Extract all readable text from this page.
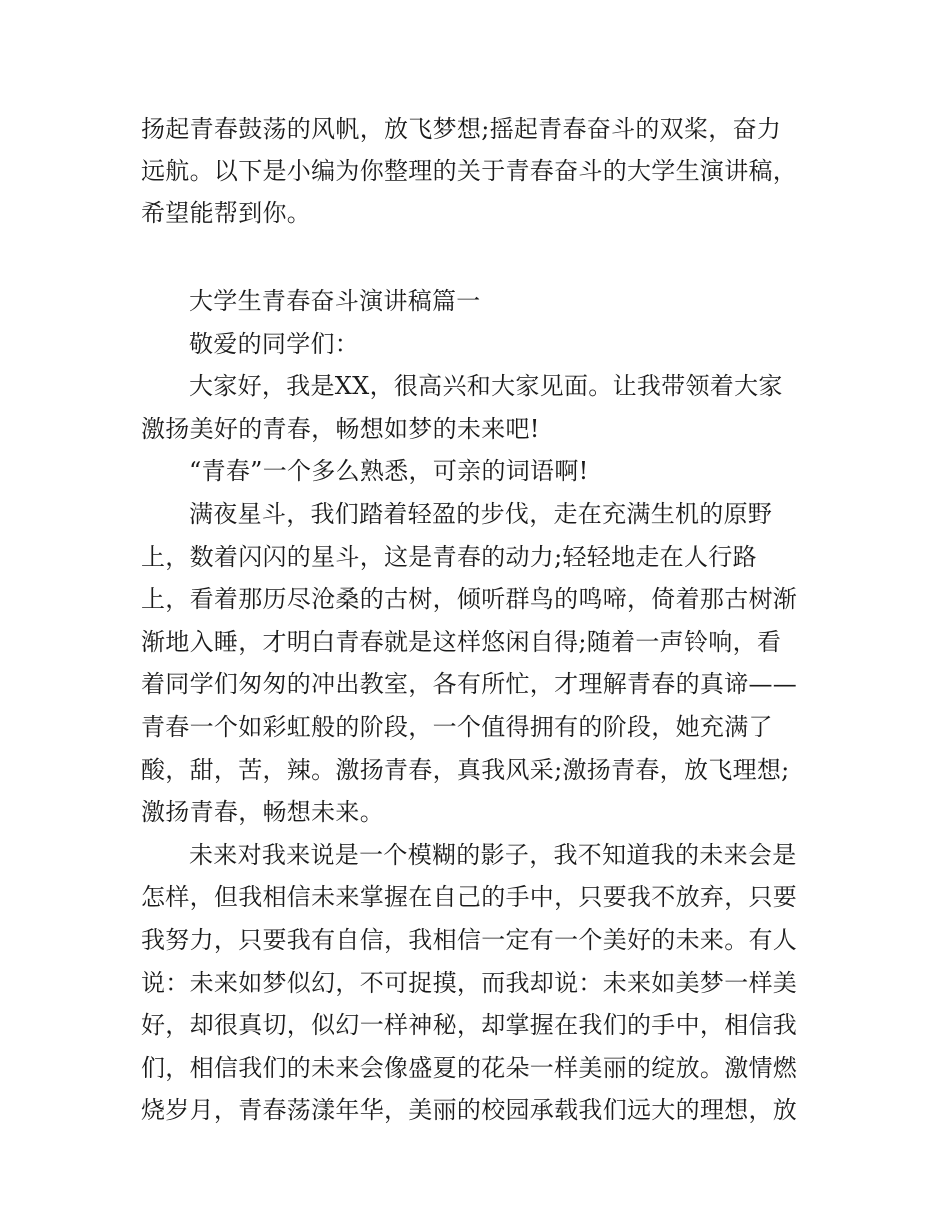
扬起青春鼓荡的风帆，放飞梦想;摇起青春奋斗的双桨，奋力
远航。以下是小编为你整理的关于青春奋斗的大学生演讲稿，
希望能帮到你。

大学生青春奋斗演讲稿篇一

敬爱的同学们：

大家好，我是XX，很高兴和大家见面。让我带领着大家
激扬美好的青春，畅想如梦的未来吧!

“青春”一个多么熟悉，可亲的词语啊!

满夜星斗，我们踏着轻盈的步伐，走在充满生机的原野
上，数着闪闪的星斗，这是青春的动力;轻轻地走在人行路
上，看着那历尽沧桑的古树，倾听群鸟的鸣啼，倚着那古树渐
渐地入睡，才明白青春就是这样悠闲自得;随着一声铃响，看
着同学们匆匆的冲出教室，各有所忙，才理解青春的真谛——
青春一个如彩虹般的阶段，一个值得拥有的阶段，她充满了
酸，甜，苦，辣。激扬青春，真我风采;激扬青春，放飞理想;
激扬青春，畅想未来。

未来对我来说是一个模糊的影子，我不知道我的未来会是
怎样，但我相信未来掌握在自己的手中，只要我不放弃，只要
我努力，只要我有自信，我相信一定有一个美好的未来。有人
说：未来如梦似幻，不可捉摸，而我却说：未来如美梦一样美
好，却很真切，似幻一样神秘，却掌握在我们的手中，相信我
们，相信我们的未来会像盛夏的花朵一样美丽的绽放。激情燃
烧岁月，青春荡漾年华，美丽的校园承载我们远大的理想，放
